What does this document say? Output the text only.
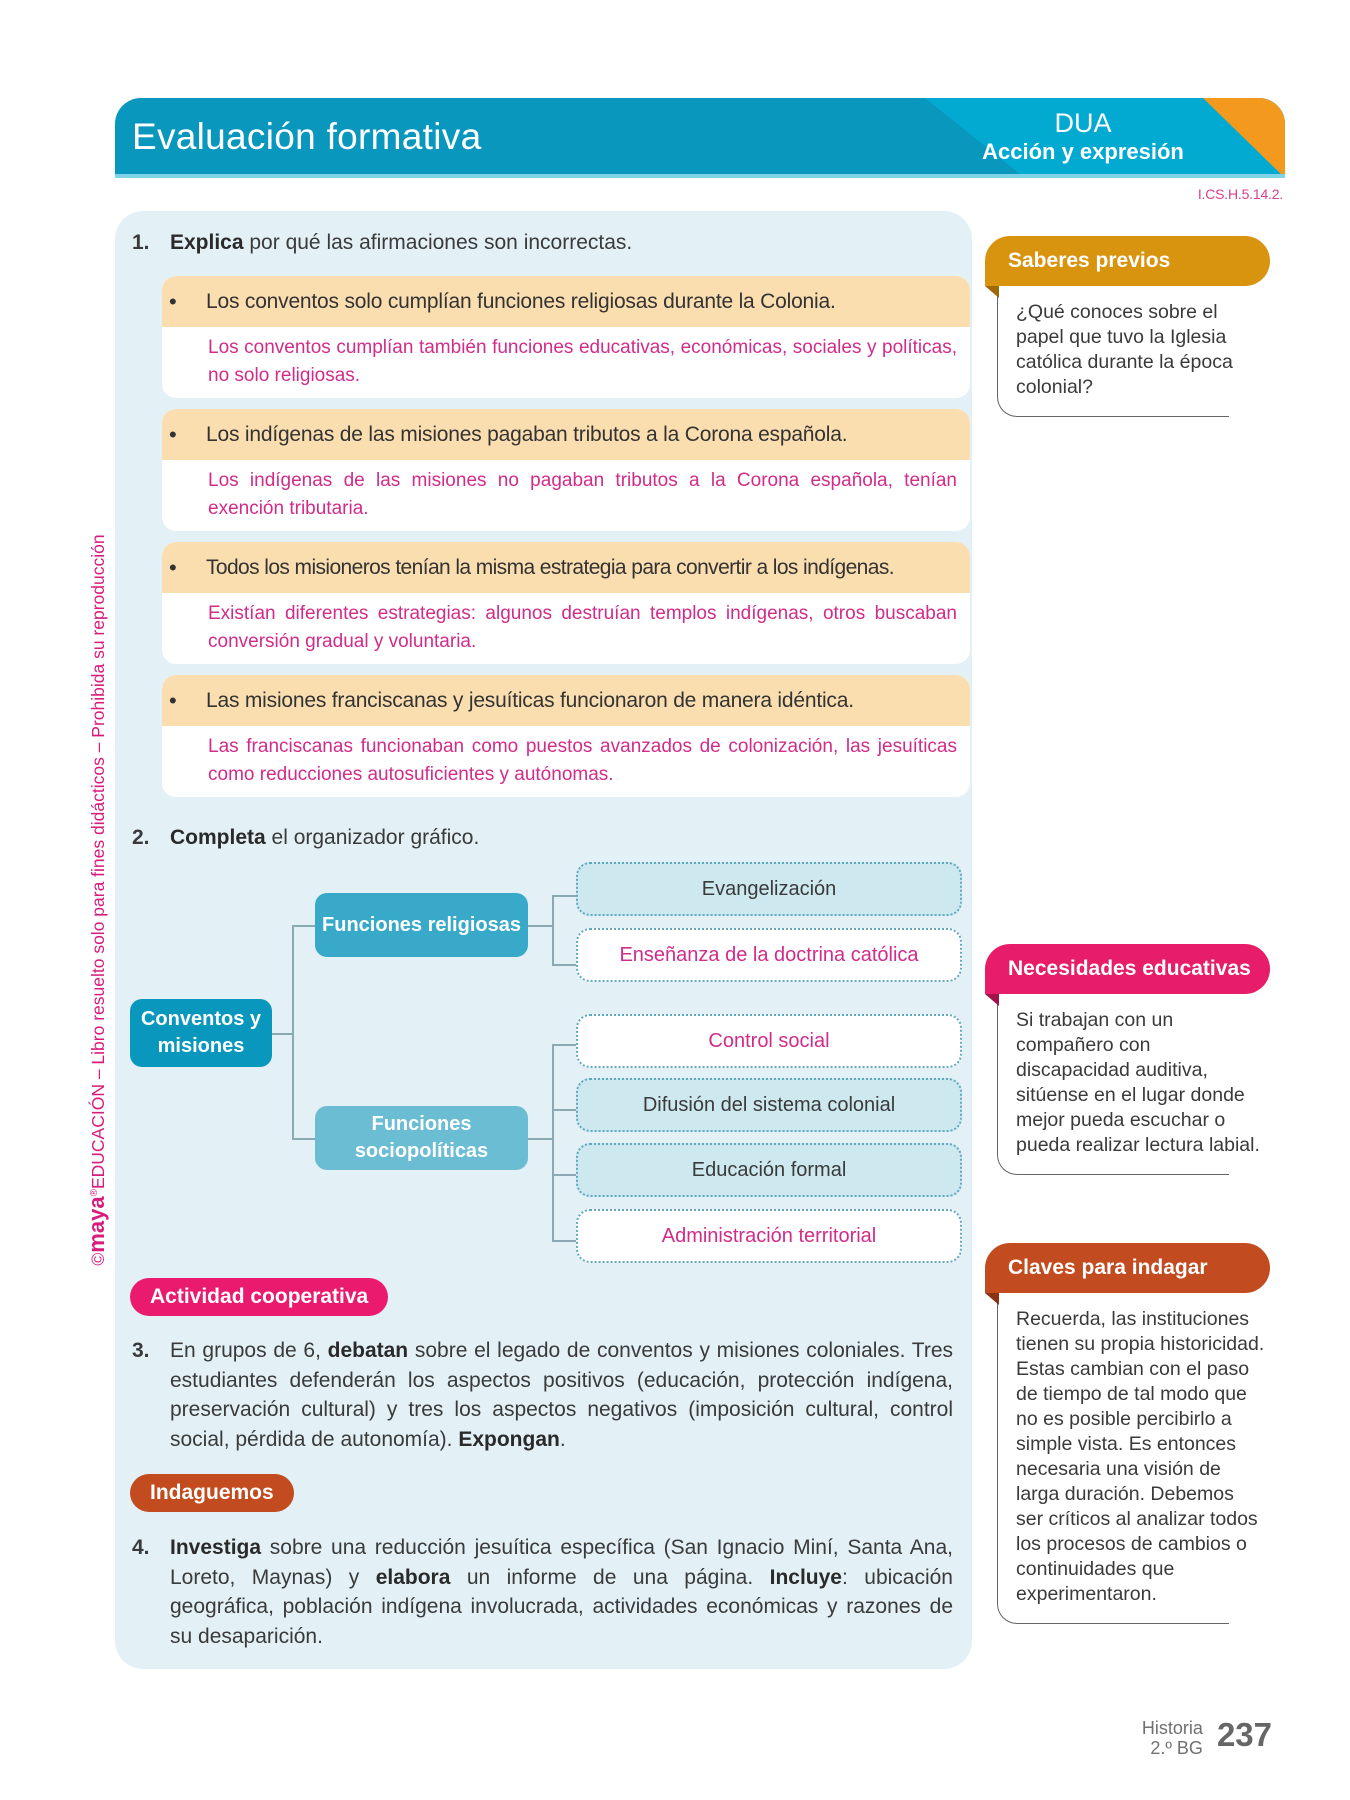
Evaluación formativa	DUA
Acción y expresión
I.CS.H.5.14.2.
©maya®EDUCACIÓN – Libro resuelto solo para fines didácticos – Prohibida su reproducción
1. Explica por qué las afirmaciones son incorrectas.
• Los conventos solo cumplían funciones religiosas durante la Colonia.
Los conventos cumplían también funciones educativas, económicas, sociales y políticas, no solo religiosas.
• Los indígenas de las misiones pagaban tributos a la Corona española.
Los indígenas de las misiones no pagaban tributos a la Corona española, tenían exención tributaria.
• Todos los misioneros tenían la misma estrategia para convertir a los indígenas.
Existían diferentes estrategias: algunos destruían templos indígenas, otros buscaban conversión gradual y voluntaria.
• Las misiones franciscanas y jesuíticas funcionaron de manera idéntica.
Las franciscanas funcionaban como puestos avanzados de colonización, las jesuíticas como reducciones autosuficientes y autónomas.
2. Completa el organizador gráfico.
Conventos y misiones
Funciones religiosas
Funciones sociopolíticas
Evangelización
Enseñanza de la doctrina católica
Control social
Difusión del sistema colonial
Educación formal
Administración territorial
Actividad cooperativa
3. En grupos de 6, debatan sobre el legado de conventos y misiones coloniales. Tres estudiantes defenderán los aspectos positivos (educación, protección indígena, preservación cultural) y tres los aspectos negativos (imposición cultural, control social, pérdida de autonomía). Expongan.
Indaguemos
4. Investiga sobre una reducción jesuítica específica (San Ignacio Miní, Santa Ana, Loreto, Maynas) y elabora un informe de una página. Incluye: ubicación geográfica, población indígena involucrada, actividades económicas y razones de su desaparición.
Saberes previos
¿Qué conoces sobre el papel que tuvo la Iglesia católica durante la época colonial?
Necesidades educativas
Si trabajan con un compañero con discapacidad auditiva, sitúense en el lugar donde mejor pueda escuchar o pueda realizar lectura labial.
Claves para indagar
Recuerda, las instituciones tienen su propia historicidad. Estas cambian con el paso de tiempo de tal modo que no es posible percibirlo a simple vista. Es entonces necesaria una visión de larga duración. Debemos ser críticos al analizar todos los procesos de cambios o continuidades que experimentaron.
Historia
2.º BG 237
